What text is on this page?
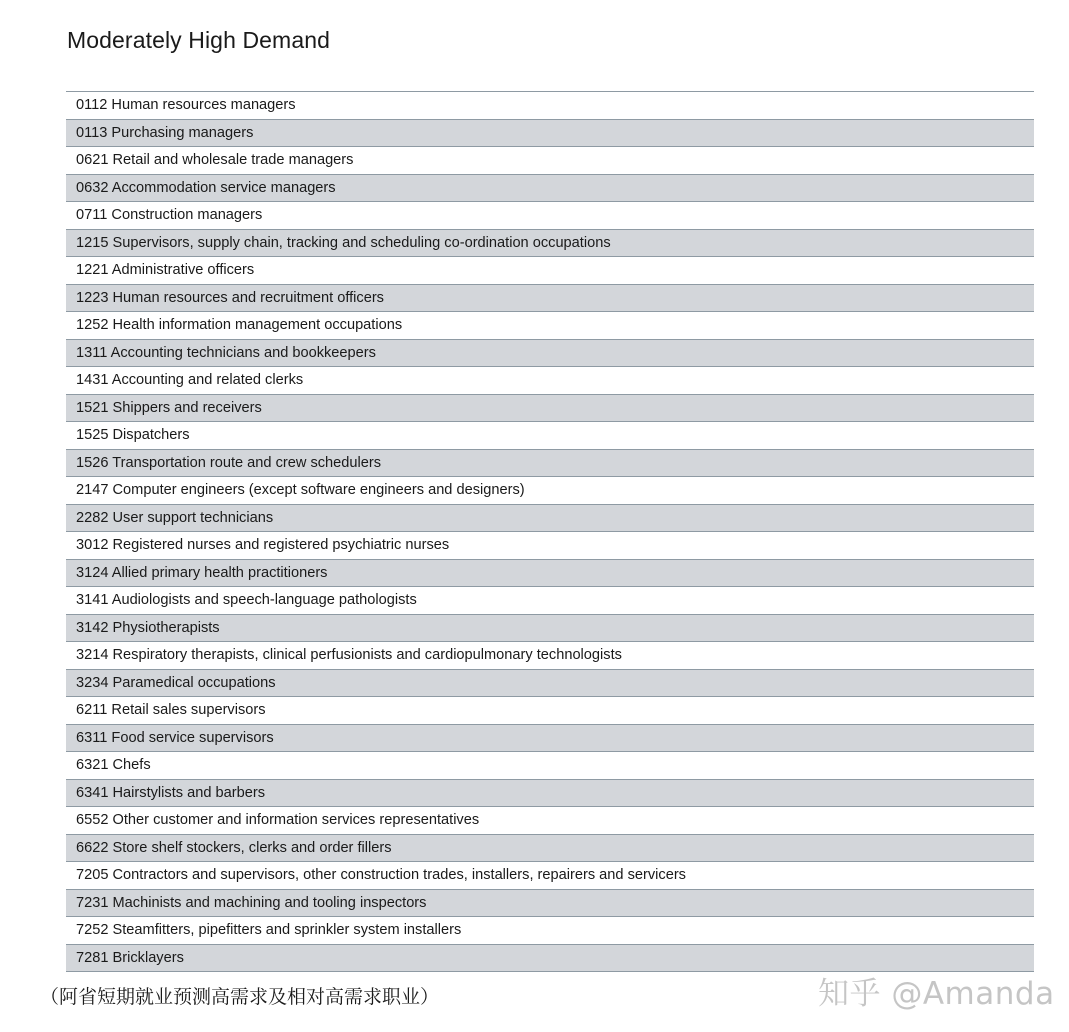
Moderately High Demand
0112 Human resources managers
0113 Purchasing managers
0621 Retail and wholesale trade managers
0632 Accommodation service managers
0711 Construction managers
1215 Supervisors, supply chain, tracking and scheduling co-ordination occupations
1221 Administrative officers
1223 Human resources and recruitment officers
1252 Health information management occupations
1311 Accounting technicians and bookkeepers
1431 Accounting and related clerks
1521 Shippers and receivers
1525 Dispatchers
1526 Transportation route and crew schedulers
2147 Computer engineers (except software engineers and designers)
2282 User support technicians
3012 Registered nurses and registered psychiatric nurses
3124 Allied primary health practitioners
3141 Audiologists and speech-language pathologists
3142 Physiotherapists
3214 Respiratory therapists, clinical perfusionists and cardiopulmonary technologists
3234 Paramedical occupations
6211 Retail sales supervisors
6311 Food service supervisors
6321 Chefs
6341 Hairstylists and barbers
6552 Other customer and information services representatives
6622 Store shelf stockers, clerks and order fillers
7205 Contractors and supervisors, other construction trades, installers, repairers and servicers
7231 Machinists and machining and tooling inspectors
7252 Steamfitters, pipefitters and sprinkler system installers
7281 Bricklayers
（阿省短期就业预测高需求及相对高需求职业）	知乎 @Amanda
